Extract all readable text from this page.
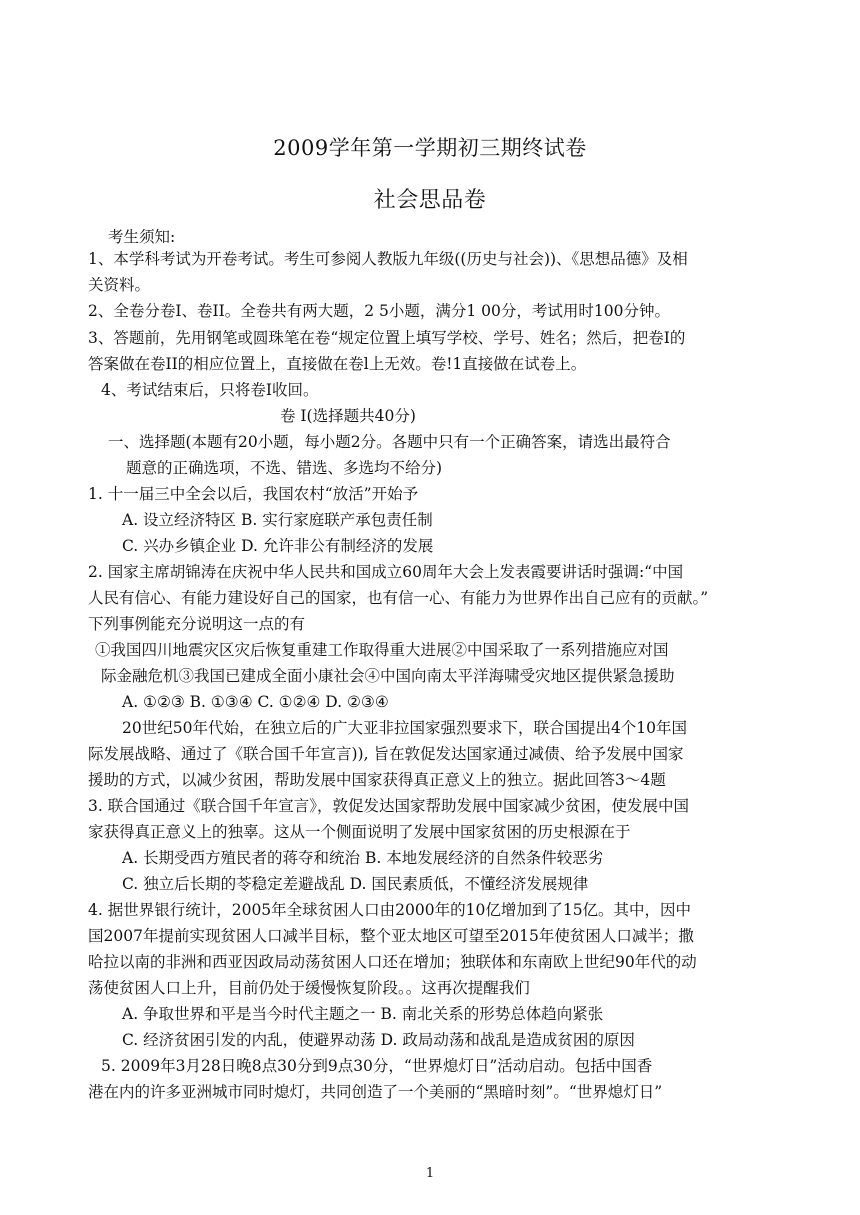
2009学年第一学期初三期终试卷
社会思品卷
考生须知:
1、本学科考试为开卷考试。考生可参阅人教版九年级((历史与社会))、《思想品德》及相
关资料。
2、全卷分卷I、卷II。全卷共有两大题，2 5小题，满分1 00分，考试用时100分钟。
3、答题前，先用钢笔或圆珠笔在卷“规定位置上填写学校、学号、姓名；然后，把卷I的
答案做在卷II的相应位置上，直接做在卷l上无效。卷!1直接做在试卷上。
4、考试结束后，只将卷I收回。
卷 I(选择题共40分)
一、选择题(本题有20小题，每小题2分。各题中只有一个正确答案，请选出最符合
题意的正确选项，不选、错选、多选均不给分)
1. 十一届三中全会以后，我国农村“放活”开始予
A. 设立经济特区 B. 实行家庭联产承包责任制
C. 兴办乡镇企业 D. 允许非公有制经济的发展
2. 国家主席胡锦涛在庆祝中华人民共和国成立60周年大会上发表霞要讲话时强调:“中国
人民有信心、有能力建设好自己的国家，也有信一心、有能力为世界作出自己应有的贡献。”
下列事例能充分说明这一点的有
①我国四川地震灾区灾后恢复重建工作取得重大进展②中国采取了一系列措施应对国
际金融危机③我国已建成全面小康社会④中国向南太平洋海啸受灾地区提供紧急援助
A. ①②③ B. ①③④ C. ①②④ D. ②③④
20世纪50年代始，在独立后的广大亚非拉国家强烈要求下，联合国提出4个10年国
际发展战略、通过了《联合国千年宣言)), 旨在敦促发达国家通过减债、给予发展中国家
援助的方式，以减少贫困，帮助发展中国家获得真正意义上的独立。据此回答3～4题
3. 联合国通过《联合国千年宣言》，敦促发达国家帮助发展中国家减少贫困，使发展中国
家获得真正意义上的独辜。这从一个侧面说明了发展中国家贫困的历史根源在于
A. 长期受西方殖民者的蒋夺和统治 B. 本地发展经济的自然条件较恶劣
C. 独立后长期的苓稳定差避战乱 D. 国民素质低，不懂经济发展规律
4. 据世界银行统计，2005年全球贫困人口由2000年的10亿增加到了15亿。其中，因中
国2007年提前实现贫困人口减半目标，整个亚太地区可望至2015年使贫困人口减半；撒
哈拉以南的非洲和西亚因政局动荡贫困人口还在增加；独联体和东南欧上世纪90年代的动
荡使贫困人口上升，目前仍处于缓慢恢复阶段。。这再次提醒我们
A. 争取世界和平是当今时代主题之一 B. 南北关系的形势总体趋向紧张
C. 经济贫困引发的内乱，使避界动荡 D. 政局动荡和战乱是造成贫困的原因
5. 2009年3月28日晚8点30分到9点30分，“世界熄灯日”活动启动。包括中国香
港在内的许多亚洲城市同时熄灯，共同创造了一个美丽的“黑暗时刻”。“世界熄灯日”
1
